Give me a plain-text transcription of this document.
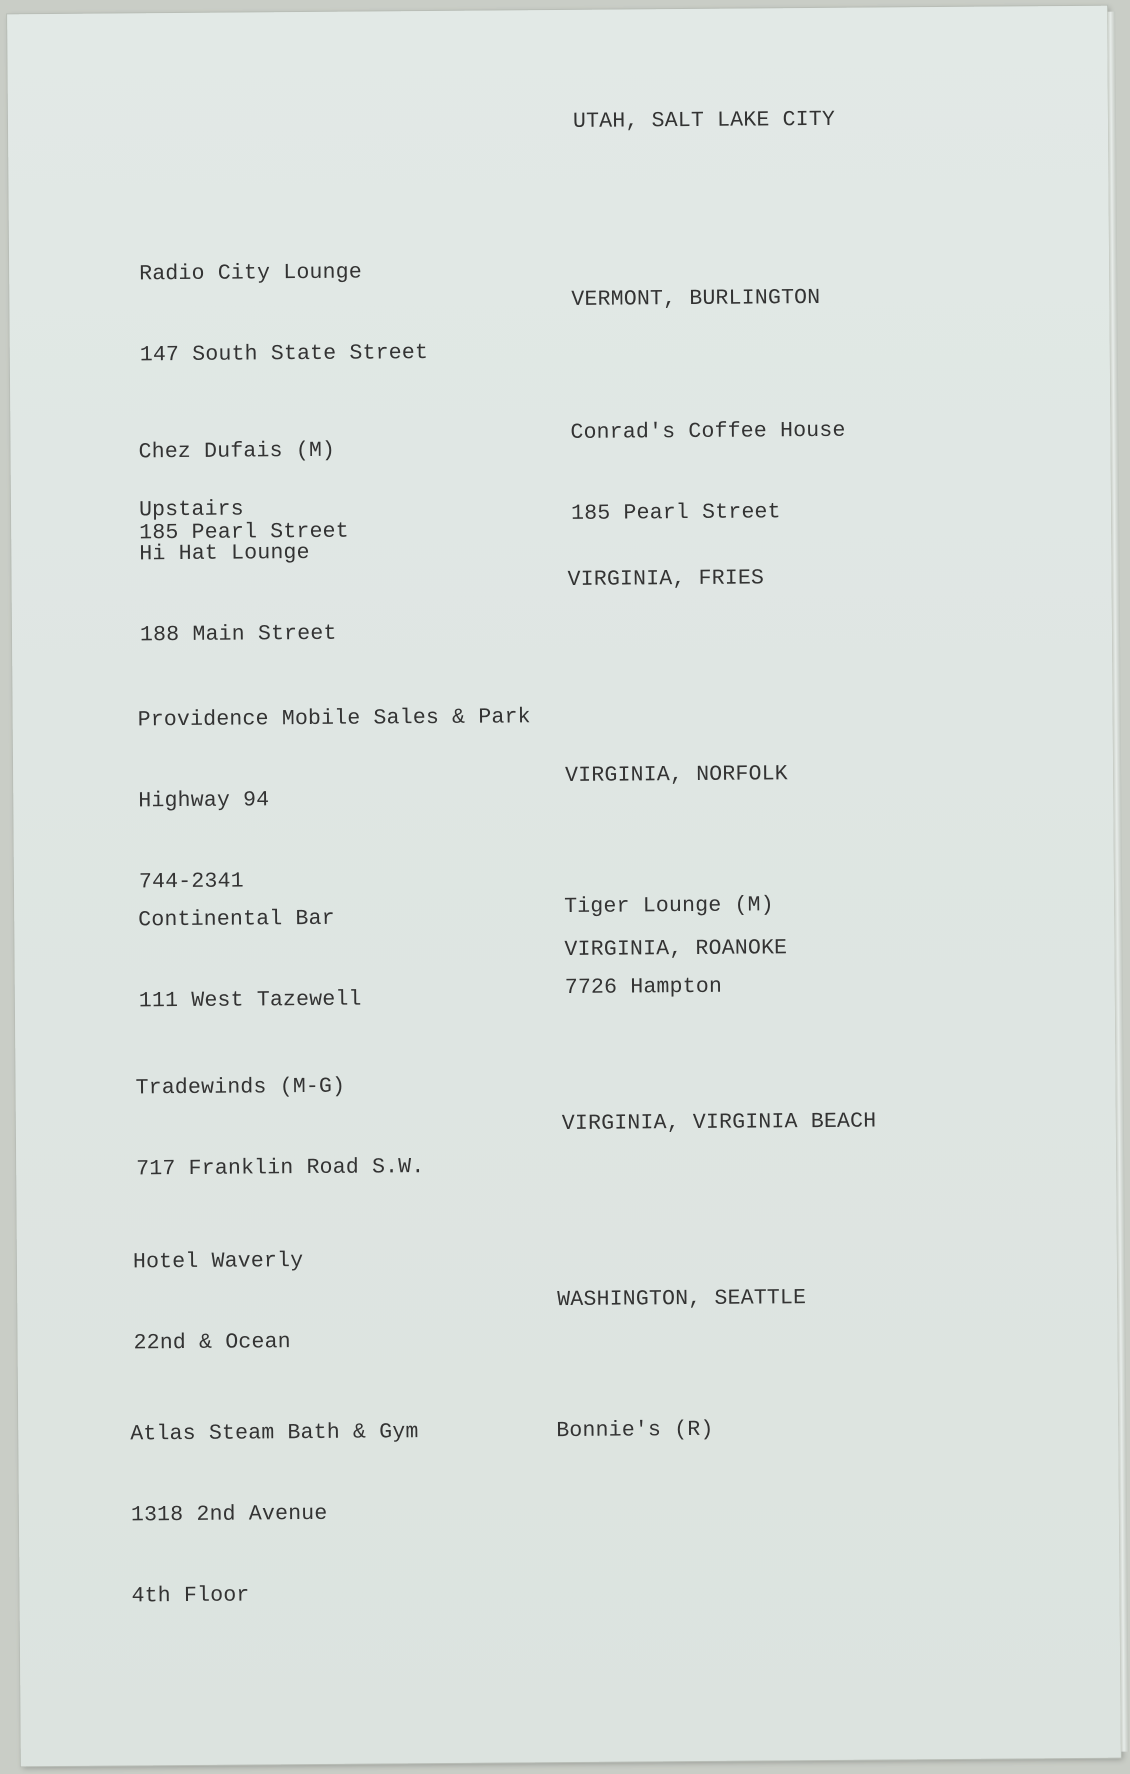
UTAH, SALT LAKE CITY

Radio City Lounge

147 South State Street

VERMONT, BURLINGTON

Conrad's Coffee House

185 Pearl Street

Chez Dufais (M)

185 Pearl Street

Upstairs

Hi Hat Lounge

188 Main Street

VIRGINIA, FRIES

Providence Mobile Sales & Park

Highway 94

744-2341

VIRGINIA, NORFOLK

Tiger Lounge (M)

7726 Hampton

Continental Bar

111 West Tazewell

VIRGINIA, ROANOKE

Tradewinds (M-G)

717 Franklin Road S.W.

VIRGINIA, VIRGINIA BEACH

Hotel Waverly

22nd & Ocean

WASHINGTON, SEATTLE

Atlas Steam Bath & Gym

1318 2nd Avenue

4th Floor

Bonnie's (R)
